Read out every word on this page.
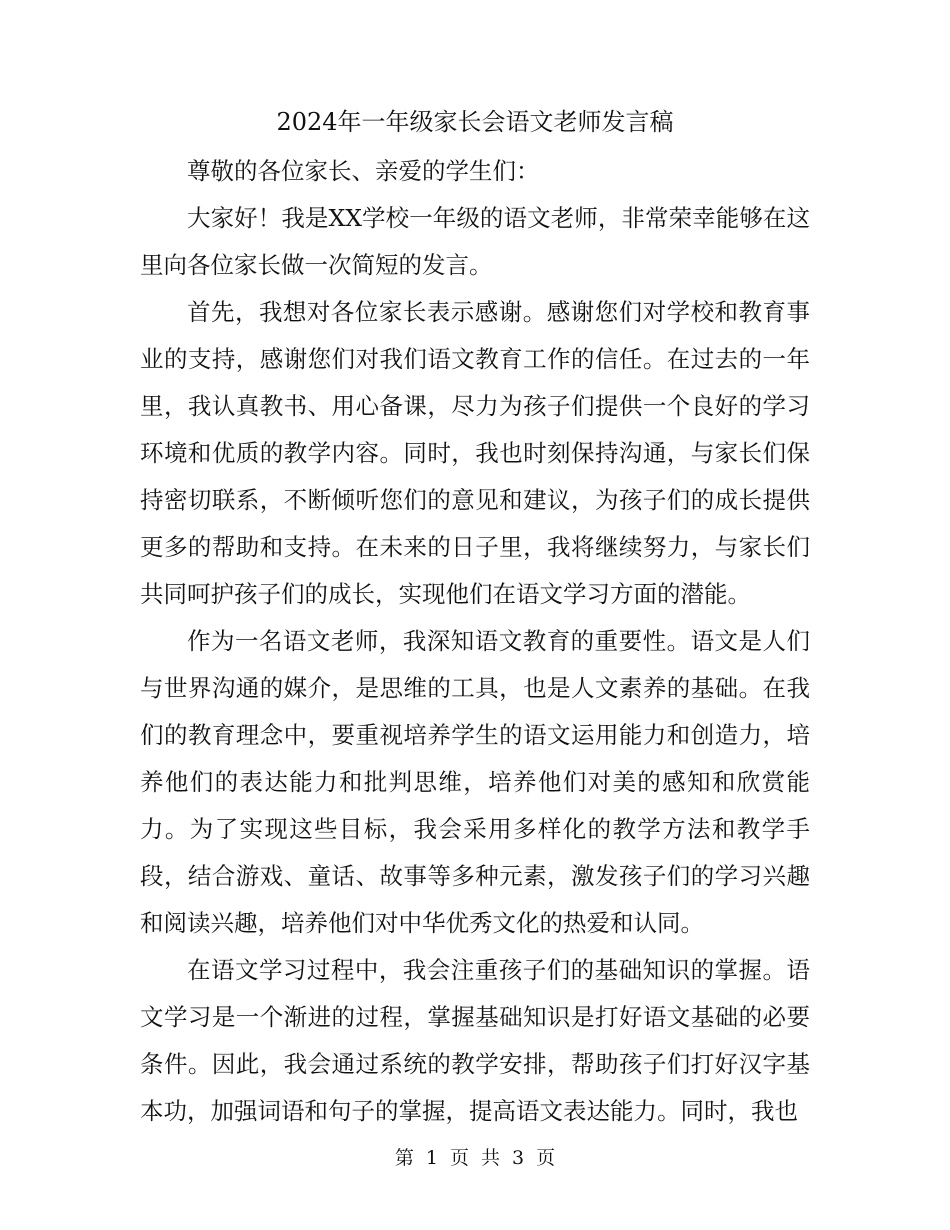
2024年一年级家长会语文老师发言稿

尊敬的各位家长、亲爱的学生们：

大家好！我是XX学校一年级的语文老师，非常荣幸能够在这里向各位家长做一次简短的发言。

首先，我想对各位家长表示感谢。感谢您们对学校和教育事业的支持，感谢您们对我们语文教育工作的信任。在过去的一年里，我认真教书、用心备课，尽力为孩子们提供一个良好的学习环境和优质的教学内容。同时，我也时刻保持沟通，与家长们保持密切联系，不断倾听您们的意见和建议，为孩子们的成长提供更多的帮助和支持。在未来的日子里，我将继续努力，与家长们共同呵护孩子们的成长，实现他们在语文学习方面的潜能。

作为一名语文老师，我深知语文教育的重要性。语文是人们与世界沟通的媒介，是思维的工具，也是人文素养的基础。在我们的教育理念中，要重视培养学生的语文运用能力和创造力，培养他们的表达能力和批判思维，培养他们对美的感知和欣赏能力。为了实现这些目标，我会采用多样化的教学方法和教学手段，结合游戏、童话、故事等多种元素，激发孩子们的学习兴趣和阅读兴趣，培养他们对中华优秀文化的热爱和认同。

在语文学习过程中，我会注重孩子们的基础知识的掌握。语文学习是一个渐进的过程，掌握基础知识是打好语文基础的必要条件。因此，我会通过系统的教学安排，帮助孩子们打好汉字基本功，加强词语和句子的掌握，提高语文表达能力。同时，我也

第 1 页 共 3 页
